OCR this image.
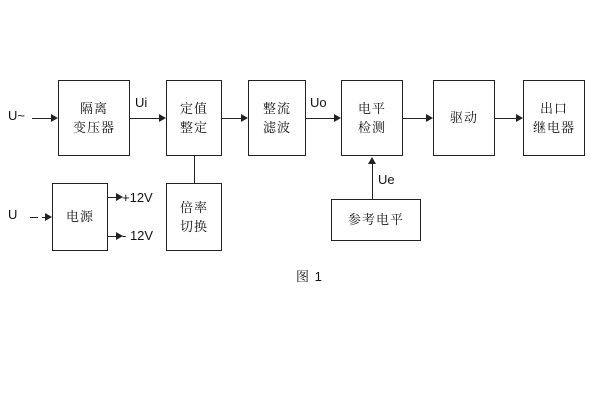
隔离
变压器
定值
整定
整流
滤波
电平
检测
驱动
出口
继电器
电源
倍率
切换	参考电平
U~
U
Ui	Uo
Ue
+12V
- 12V
图 1
